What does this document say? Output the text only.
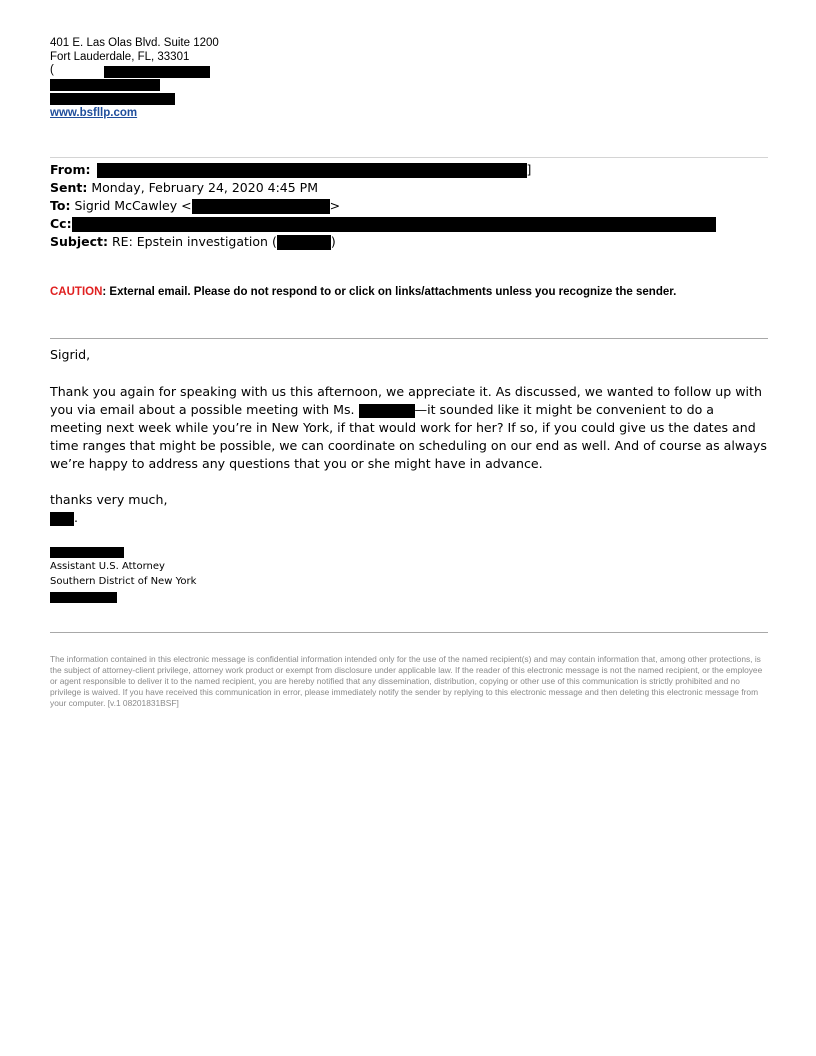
401 E. Las Olas Blvd. Suite 1200
Fort Lauderdale, FL, 33301
(
www.bsfllp.com
From:	]
Sent: Monday, February 24, 2020 4:45 PM
To: Sigrid McCawley <	>
Cc:
Subject: RE: Epstein investigation (	)
CAUTION: External email. Please do not respond to or click on links/attachments unless you recognize the sender.
Sigrid,
Thank you again for speaking with us this afternoon, we appreciate it. As discussed, we wanted to follow up with you via email about a possible meeting with Ms.	—it sounded like it might be convenient to do a meeting next week while you’re in New York, if that would work for her? If so, if you could give us the dates and time ranges that might be possible, we can coordinate on scheduling on our end as well. And of course as always we’re happy to address any questions that you or she might have in advance.
thanks very much,
.
Assistant U.S. Attorney
Southern District of New York
The information contained in this electronic message is confidential information intended only for the use of the named recipient(s) and may contain information that, among other protections, is the subject of attorney-client privilege, attorney work product or exempt from disclosure under applicable law. If the reader of this electronic message is not the named recipient, or the employee or agent responsible to deliver it to the named recipient, you are hereby notified that any dissemination, distribution, copying or other use of this communication is strictly prohibited and no privilege is waived. If you have received this communication in error, please immediately notify the sender by replying to this electronic message and then deleting this electronic message from your computer. [v.1 08201831BSF]
